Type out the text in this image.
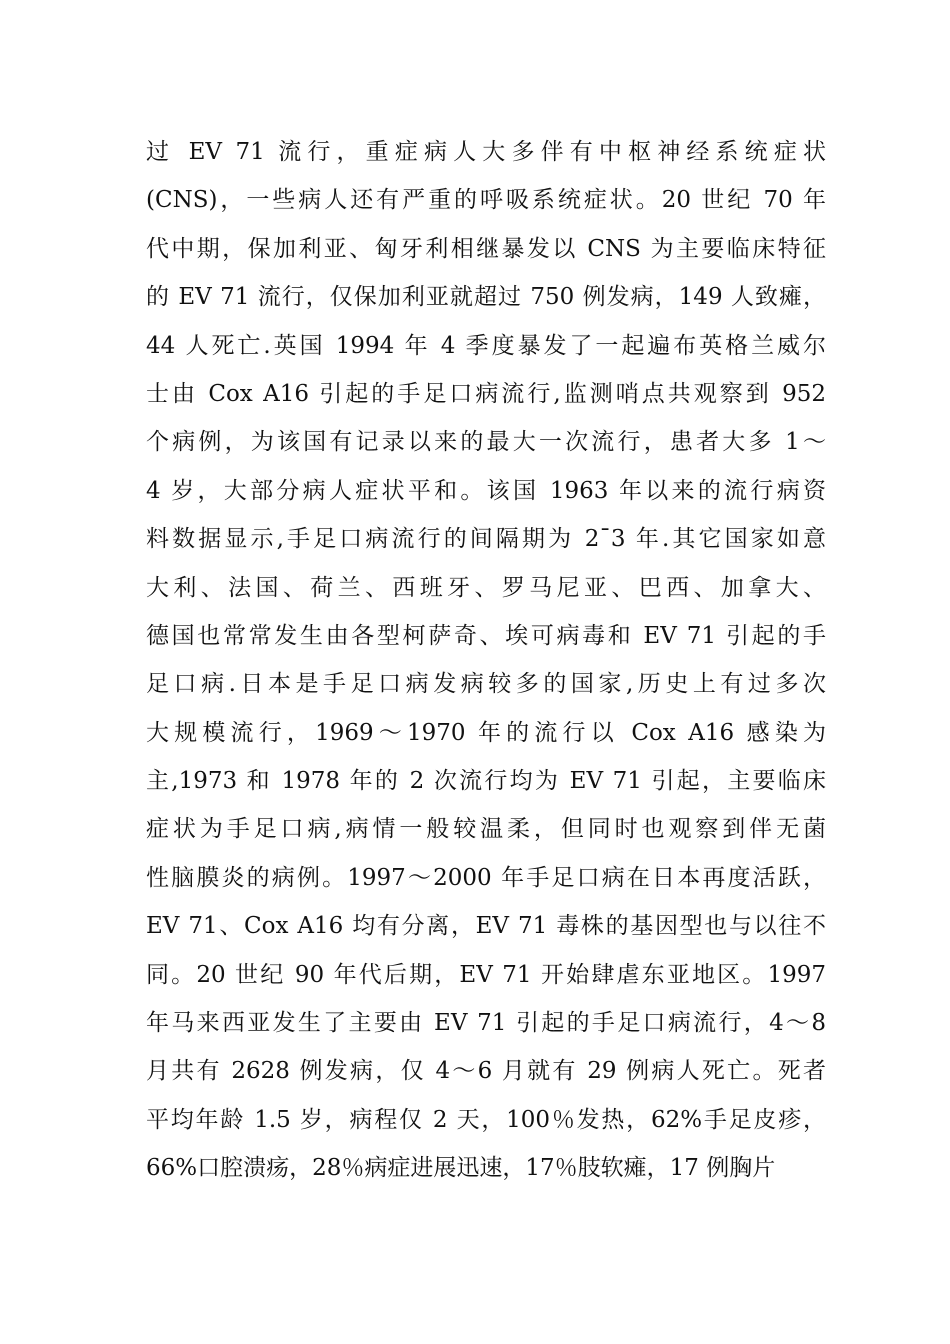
过 EV 71 流行，重症病人大多伴有中枢神经系统症状
(CNS)，一些病人还有严重的呼吸系统症状。20 世纪 70 年
代中期，保加利亚、匈牙利相继暴发以 CNS 为主要临床特征
的 EV 71 流行，仅保加利亚就超过 750 例发病，149 人致瘫，
44 人死亡.英国 1994 年 4 季度暴发了一起遍布英格兰威尔
士由 Cox A16 引起的手足口病流行,监测哨点共观察到 952
个病例，为该国有记录以来的最大一次流行，患者大多 1～
4 岁，大部分病人症状平和。该国 1963 年以来的流行病资
料数据显示,手足口病流行的间隔期为 2¯3 年.其它国家如意
大利、法国、荷兰、西班牙、罗马尼亚、巴西、加拿大、
德国也常常发生由各型柯萨奇、埃可病毒和 EV 71 引起的手
足口病.日本是手足口病发病较多的国家,历史上有过多次
大规模流行，1969～1970 年的流行以 Cox A16 感染为
主,1973 和 1978 年的 2 次流行均为 EV 71 引起，主要临床
症状为手足口病,病情一般较温柔，但同时也观察到伴无菌
性脑膜炎的病例。1997～2000 年手足口病在日本再度活跃，
EV 71、Cox A16 均有分离，EV 71 毒株的基因型也与以往不
同。20 世纪 90 年代后期，EV 71 开始肆虐东亚地区。1997
年马来西亚发生了主要由 EV 71 引起的手足口病流行，4～8
月共有 2628 例发病，仅 4～6 月就有 29 例病人死亡。死者
平均年龄 1.5 岁，病程仅 2 天，100％发热，62%手足皮疹，
66%口腔溃疡，28％病症进展迅速，17％肢软瘫，17 例胸片
